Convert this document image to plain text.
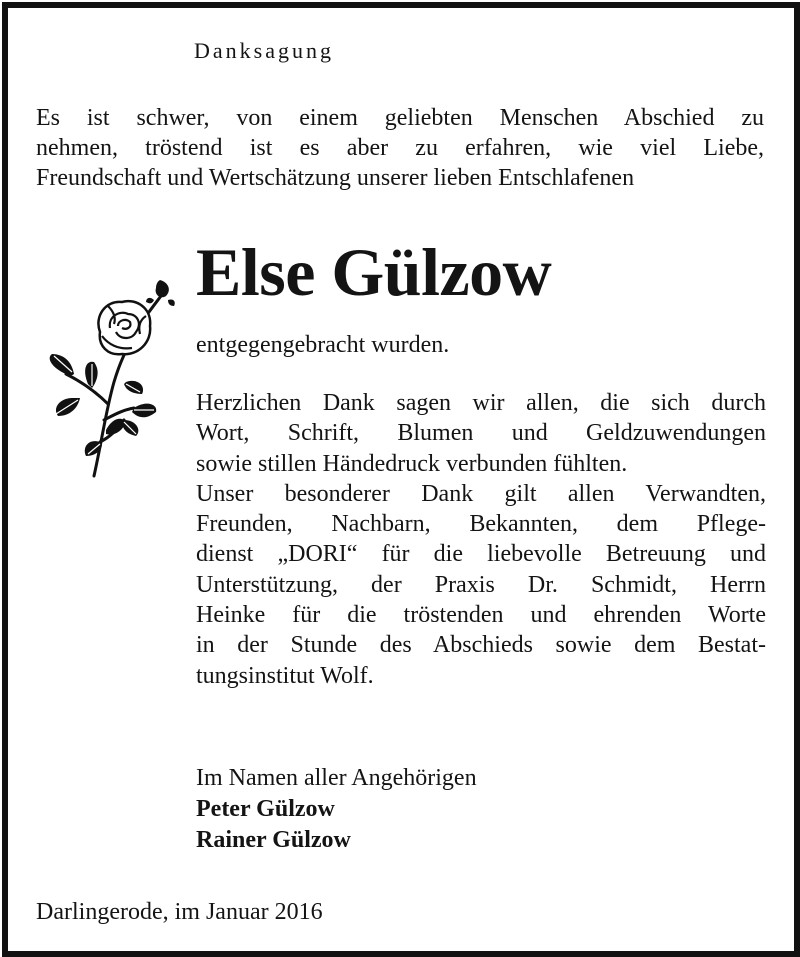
Danksagung
Es ist schwer, von einem geliebten Menschen Abschied zu
nehmen, tröstend ist es aber zu erfahren, wie viel Liebe,
Freundschaft und Wertschätzung unserer lieben Entschlafenen
Else Gülzow
entgegengebracht wurden.
Herzlichen Dank sagen wir allen, die sich durch
Wort, Schrift, Blumen und Geldzuwendungen
sowie stillen Händedruck verbunden fühlten.
Unser besonderer Dank gilt allen Verwandten,
Freunden, Nachbarn, Bekannten, dem Pflege-
dienst „DORI“ für die liebevolle Betreuung und
Unterstützung, der Praxis Dr. Schmidt, Herrn
Heinke für die tröstenden und ehrenden Worte
in der Stunde des Abschieds sowie dem Bestat-
tungsinstitut Wolf.
Im Namen aller Angehörigen
Peter Gülzow
Rainer Gülzow
Darlingerode, im Januar 2016
